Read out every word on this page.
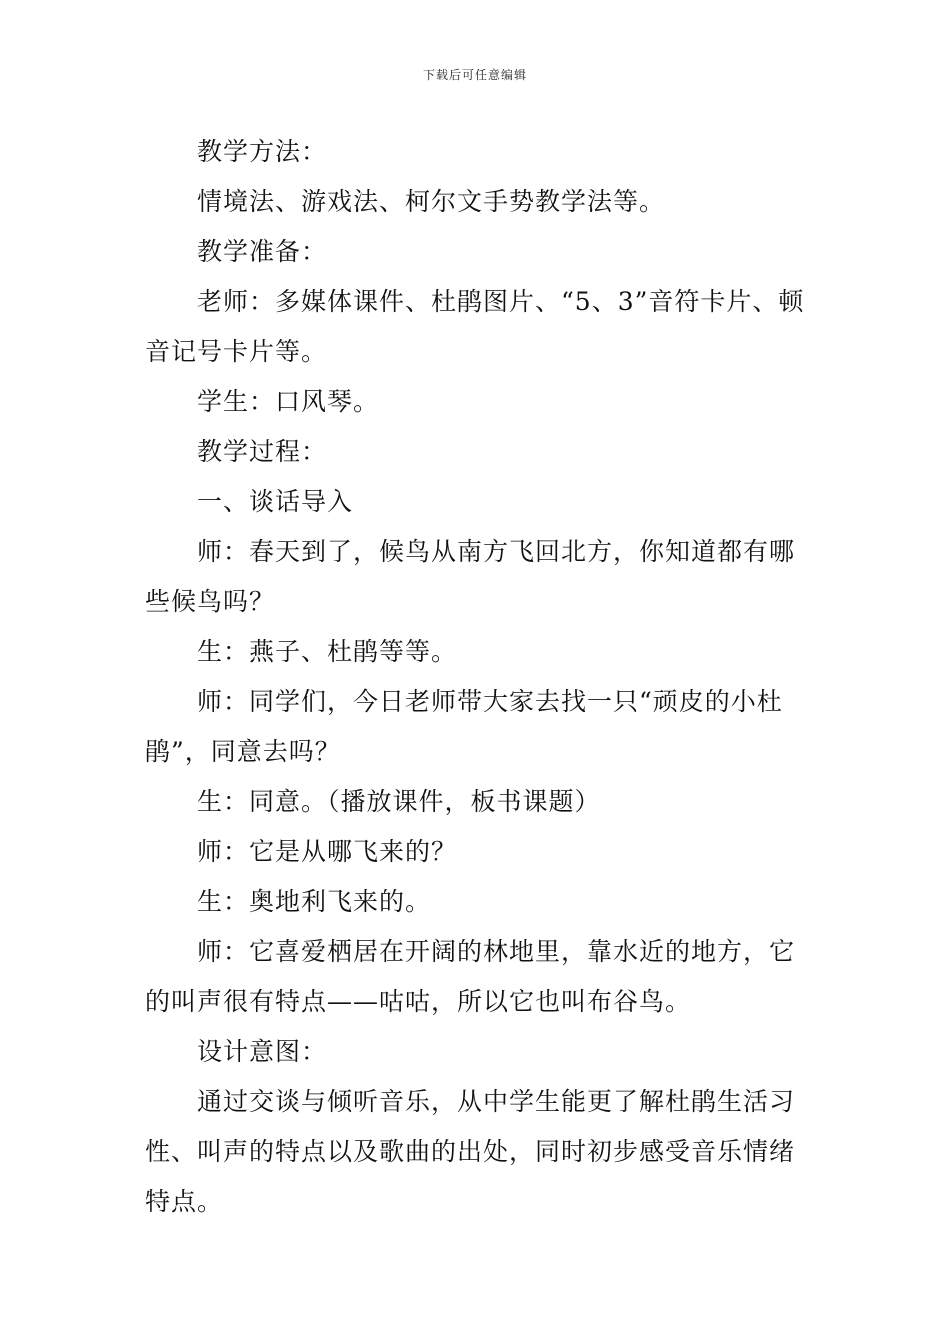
下载后可任意编辑

教学方法：

情境法、游戏法、柯尔文手势教学法等。

教学准备：

老师：多媒体课件、杜鹃图片、“5、3”音符卡片、顿音记号卡片等。

学生：口风琴。

教学过程：

一、谈话导入

师：春天到了，候鸟从南方飞回北方，你知道都有哪些候鸟吗？

生：燕子、杜鹃等等。

师：同学们，今日老师带大家去找一只“顽皮的小杜鹃”，同意去吗？

生：同意。（播放课件，板书课题）

师：它是从哪飞来的？

生：奥地利飞来的。

师：它喜爱栖居在开阔的林地里，靠水近的地方，它的叫声很有特点——咕咕，所以它也叫布谷鸟。

设计意图：

通过交谈与倾听音乐，从中学生能更了解杜鹃生活习性、叫声的特点以及歌曲的出处，同时初步感受音乐情绪特点。
